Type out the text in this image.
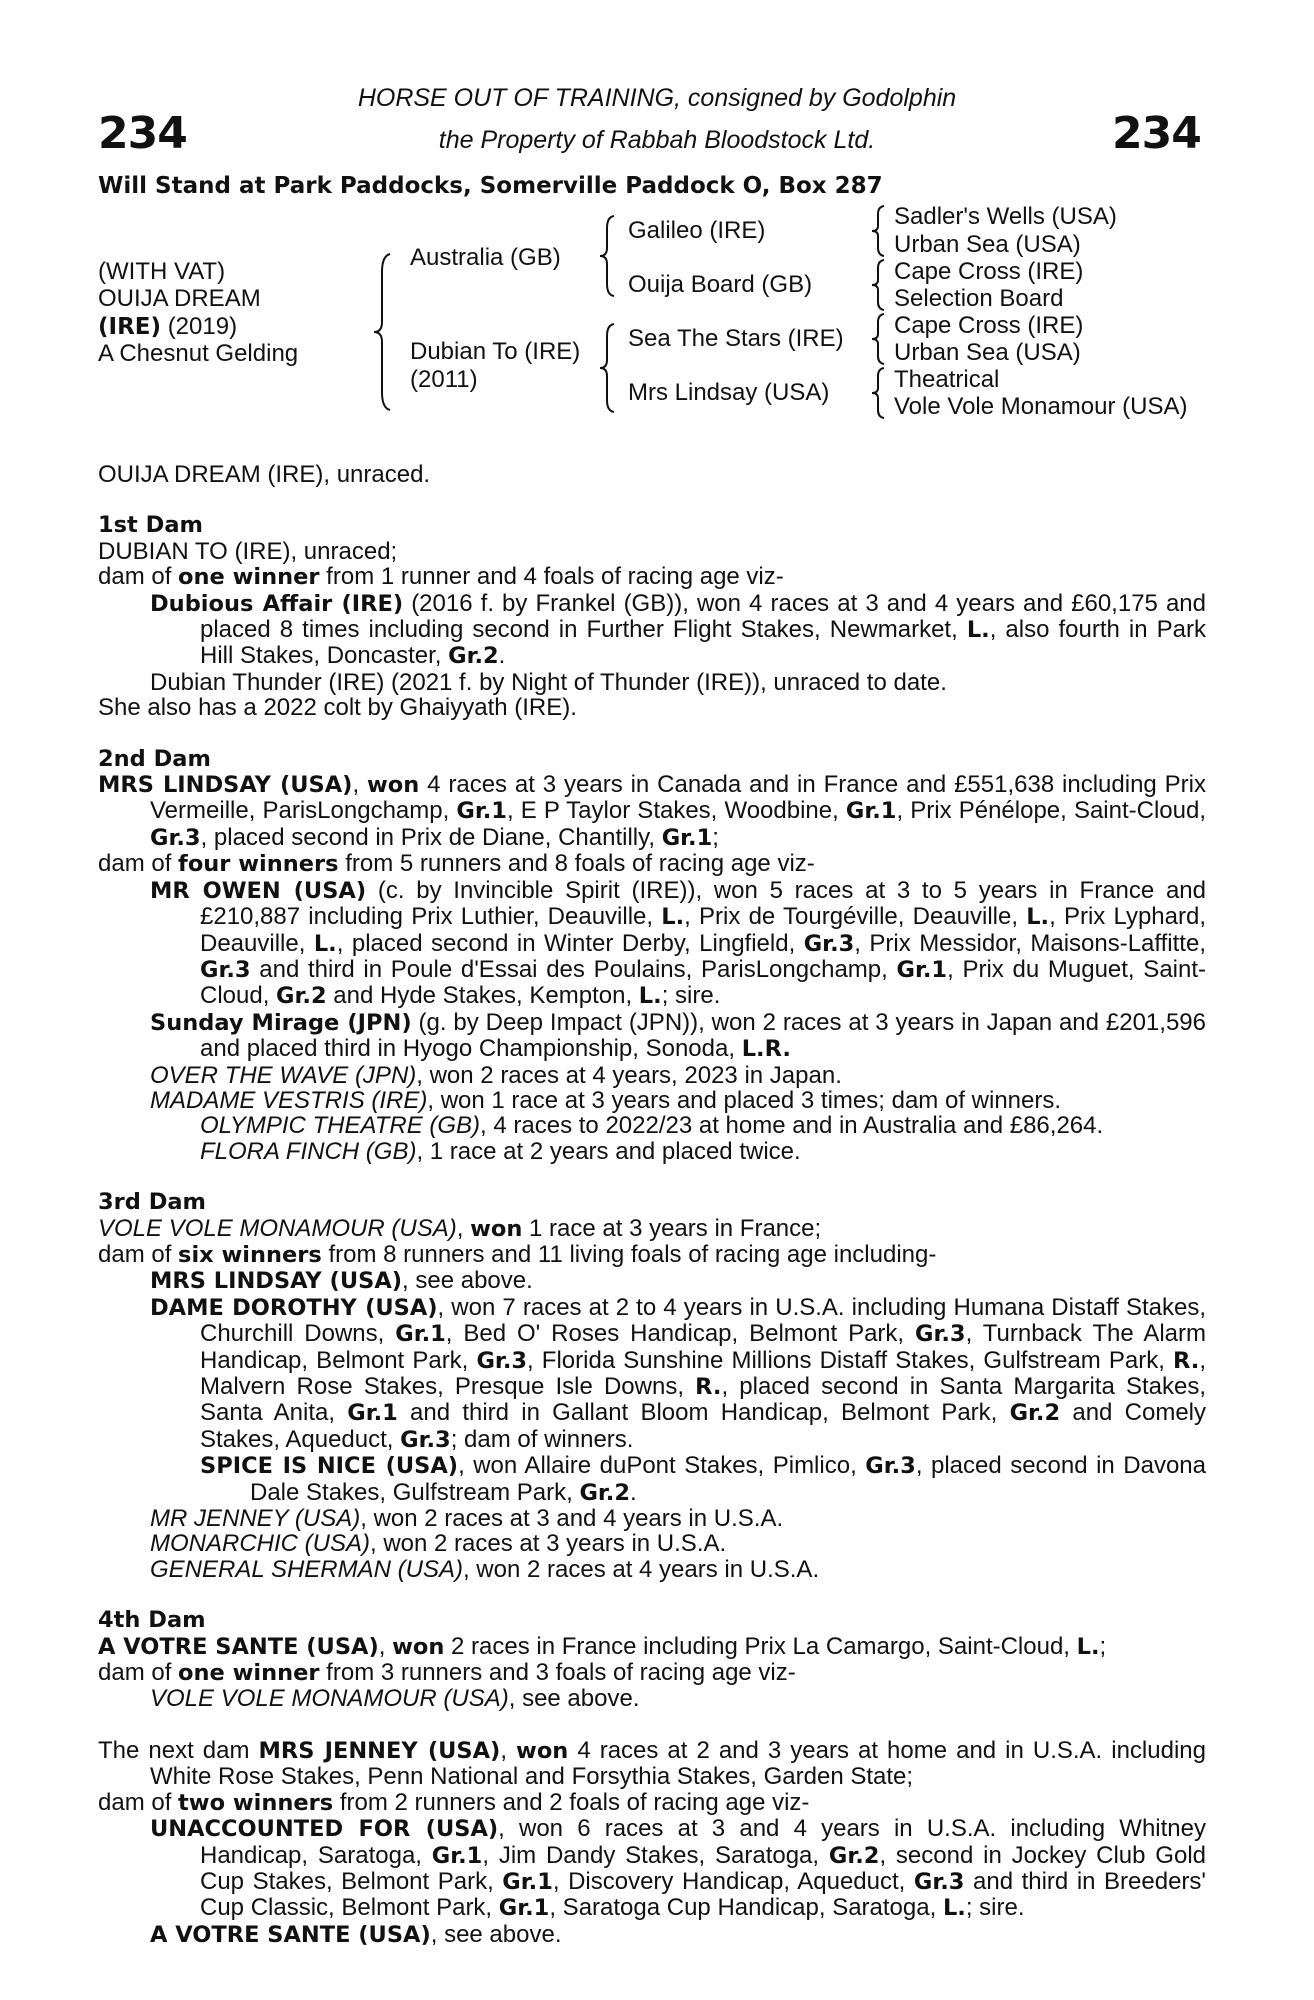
234	234
HORSE OUT OF TRAINING, consigned by Godolphin
the Property of Rabbah Bloodstock Ltd.
Will Stand at Park Paddocks, Somerville Paddock O, Box 287
(WITH VAT)
OUIJA DREAM
(IRE) (2019)
A Chesnut Gelding
Australia (GB)
Dubian To (IRE)
(2011)
Galileo (IRE)
Ouija Board (GB)
Sea The Stars (IRE)
Mrs Lindsay (USA)
Sadler's Wells (USA)
Urban Sea (USA)
Cape Cross (IRE)
Selection Board
Cape Cross (IRE)
Urban Sea (USA)
Theatrical
Vole Vole Monamour (USA)

OUIJA DREAM (IRE), unraced.

1st Dam

DUBIAN TO (IRE), unraced;

dam of one winner from 1 runner and 4 foals of racing age viz-

Dubious Affair (IRE) (2016 f. by Frankel (GB)), won 4 races at 3 and 4 years and £60,175 and placed 8 times including second in Further Flight Stakes, Newmarket, L., also fourth in Park Hill Stakes, Doncaster, Gr.2.

Dubian Thunder (IRE) (2021 f. by Night of Thunder (IRE)), unraced to date.

She also has a 2022 colt by Ghaiyyath (IRE).

2nd Dam

MRS LINDSAY (USA), won 4 races at 3 years in Canada and in France and £551,638 including Prix Vermeille, ParisLongchamp, Gr.1, E P Taylor Stakes, Woodbine, Gr.1, Prix Pénélope, Saint-Cloud, Gr.3, placed second in Prix de Diane, Chantilly, Gr.1;

dam of four winners from 5 runners and 8 foals of racing age viz-

MR OWEN (USA) (c. by Invincible Spirit (IRE)), won 5 races at 3 to 5 years in France and £210,887 including Prix Luthier, Deauville, L., Prix de Tourgéville, Deauville, L., Prix Lyphard, Deauville, L., placed second in Winter Derby, Lingfield, Gr.3, Prix Messidor, Maisons-Laffitte, Gr.3 and third in Poule d'Essai des Poulains, ParisLongchamp, Gr.1, Prix du Muguet, Saint-Cloud, Gr.2 and Hyde Stakes, Kempton, L.; sire.

Sunday Mirage (JPN) (g. by Deep Impact (JPN)), won 2 races at 3 years in Japan and £201,596 and placed third in Hyogo Championship, Sonoda, L.R.

OVER THE WAVE (JPN), won 2 races at 4 years, 2023 in Japan.

MADAME VESTRIS (IRE), won 1 race at 3 years and placed 3 times; dam of winners.

OLYMPIC THEATRE (GB), 4 races to 2022/23 at home and in Australia and £86,264.

FLORA FINCH (GB), 1 race at 2 years and placed twice.

3rd Dam

VOLE VOLE MONAMOUR (USA), won 1 race at 3 years in France;

dam of six winners from 8 runners and 11 living foals of racing age including-

MRS LINDSAY (USA), see above.

DAME DOROTHY (USA), won 7 races at 2 to 4 years in U.S.A. including Humana Distaff Stakes, Churchill Downs, Gr.1, Bed O' Roses Handicap, Belmont Park, Gr.3, Turnback The Alarm Handicap, Belmont Park, Gr.3, Florida Sunshine Millions Distaff Stakes, Gulfstream Park, R., Malvern Rose Stakes, Presque Isle Downs, R., placed second in Santa Margarita Stakes, Santa Anita, Gr.1 and third in Gallant Bloom Handicap, Belmont Park, Gr.2 and Comely Stakes, Aqueduct, Gr.3; dam of winners.

SPICE IS NICE (USA), won Allaire duPont Stakes, Pimlico, Gr.3, placed second in Davona Dale Stakes, Gulfstream Park, Gr.2.

MR JENNEY (USA), won 2 races at 3 and 4 years in U.S.A.

MONARCHIC (USA), won 2 races at 3 years in U.S.A.

GENERAL SHERMAN (USA), won 2 races at 4 years in U.S.A.

4th Dam

A VOTRE SANTE (USA), won 2 races in France including Prix La Camargo, Saint-Cloud, L.;

dam of one winner from 3 runners and 3 foals of racing age viz-

VOLE VOLE MONAMOUR (USA), see above.

The next dam MRS JENNEY (USA), won 4 races at 2 and 3 years at home and in U.S.A. including White Rose Stakes, Penn National and Forsythia Stakes, Garden State;

dam of two winners from 2 runners and 2 foals of racing age viz-

UNACCOUNTED FOR (USA), won 6 races at 3 and 4 years in U.S.A. including Whitney Handicap, Saratoga, Gr.1, Jim Dandy Stakes, Saratoga, Gr.2, second in Jockey Club Gold Cup Stakes, Belmont Park, Gr.1, Discovery Handicap, Aqueduct, Gr.3 and third in Breeders' Cup Classic, Belmont Park, Gr.1, Saratoga Cup Handicap, Saratoga, L.; sire.

A VOTRE SANTE (USA), see above.
